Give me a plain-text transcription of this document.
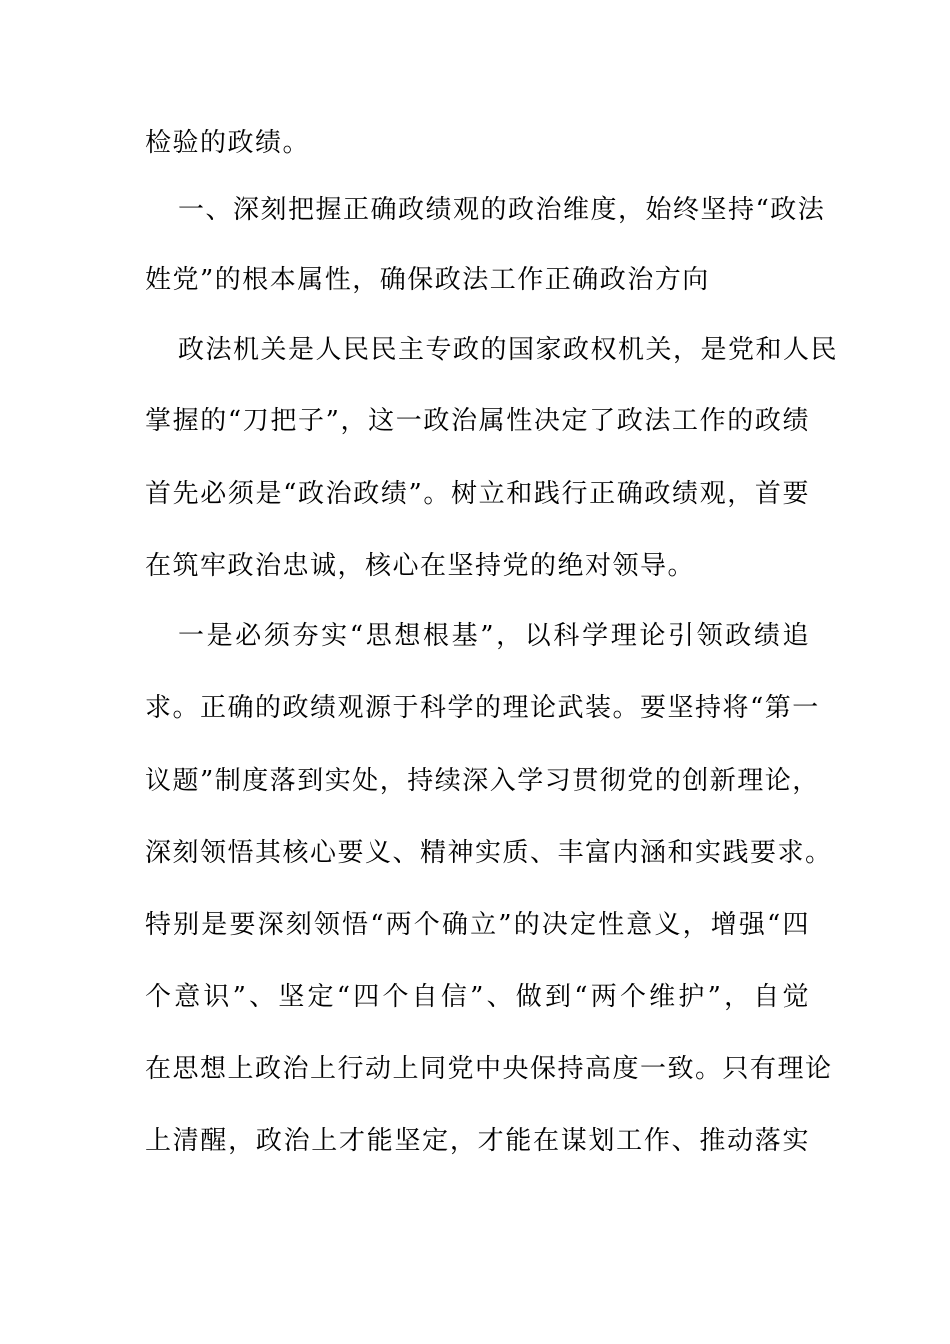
检验的政绩。
一、深刻把握正确政绩观的政治维度，始终坚持“政法
姓党”的根本属性，确保政法工作正确政治方向
政法机关是人民民主专政的国家政权机关，是党和人民
掌握的“刀把子”，这一政治属性决定了政法工作的政绩
首先必须是“政治政绩”。树立和践行正确政绩观，首要
在筑牢政治忠诚，核心在坚持党的绝对领导。
一是必须夯实“思想根基”，以科学理论引领政绩追
求。正确的政绩观源于科学的理论武装。要坚持将“第一
议题”制度落到实处，持续深入学习贯彻党的创新理论，
深刻领悟其核心要义、精神实质、丰富内涵和实践要求。
特别是要深刻领悟“两个确立”的决定性意义，增强“四
个意识”、坚定“四个自信”、做到“两个维护”，自觉
在思想上政治上行动上同党中央保持高度一致。只有理论
上清醒，政治上才能坚定，才能在谋划工作、推动落实
